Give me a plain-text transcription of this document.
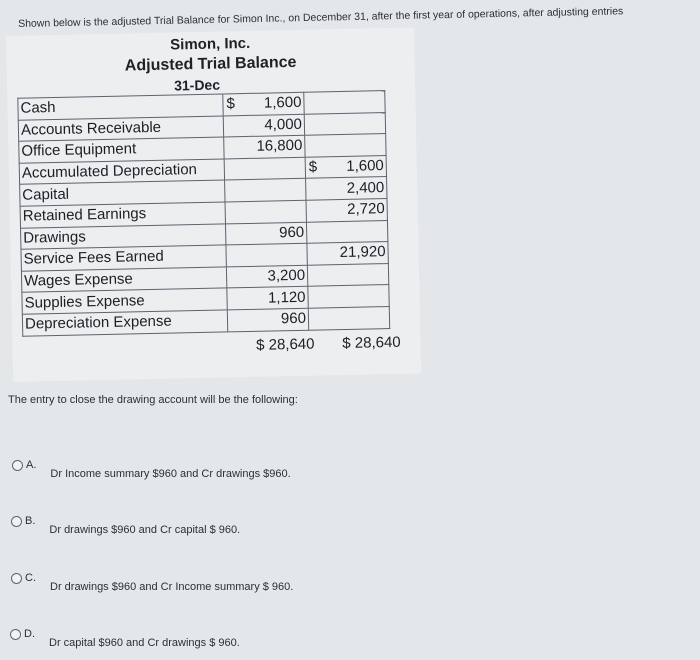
Shown below is the adjusted Trial Balance for Simon Inc., on December 31, after the first year of operations, after adjusting entries
Simon, Inc.
Adjusted Trial Balance
31-Dec
Cash	$ 1,600	

Accounts Receivable	4,000	

Office Equipment	16,800	

Accumulated Depreciation		$ 1,600
Capital		2,400
Retained Earnings		2,720
Drawings	960	

Service Fees Earned		21,920
Wages Expense	3,200	

Supplies Expense	1,120	

Depreciation Expense	960	
$ 28,640 $ 28,640
The entry to close the drawing account will be the following:
A.
Dr Income summary $960 and Cr drawings $960.
B.
Dr drawings $960 and Cr capital $ 960.
C.
Dr drawings $960 and Cr Income summary $ 960.
D.
Dr capital $960 and Cr drawings $ 960.
